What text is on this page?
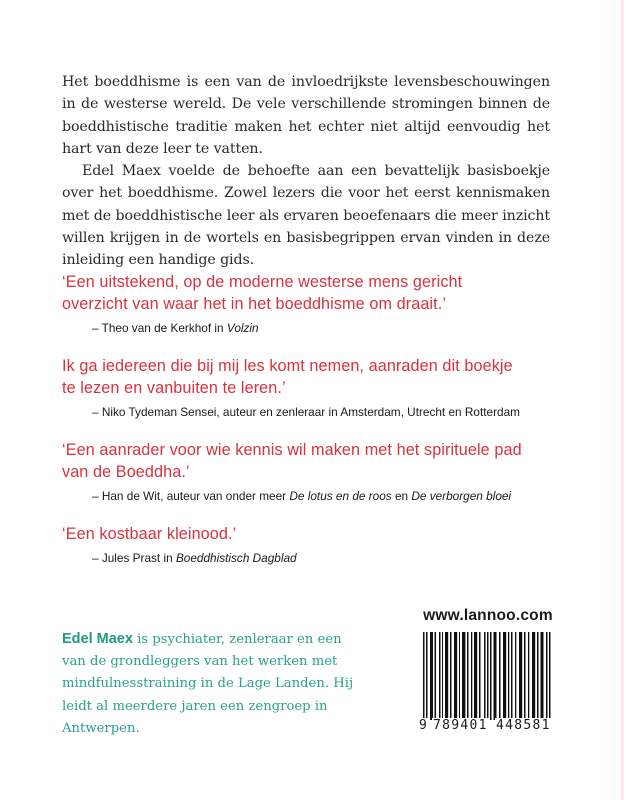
Het boeddhisme is een van de invloedrijkste levensbeschouwingen in de westerse wereld. De vele verschillende stromingen binnen de boeddhistische traditie maken het echter niet altijd eenvoudig het hart van deze leer te vatten.

Edel Maex voelde de behoefte aan een bevattelijk basisboekje over het boeddhisme. Zowel lezers die voor het eerst kennismaken met de boeddhistische leer als ervaren beoefenaars die meer inzicht willen krijgen in de wortels en basisbegrippen ervan vinden in deze inleiding een handige gids.

‘Een uitstekend, op de moderne westerse mens gericht overzicht van waar het in het boeddhisme om draait.’
– Theo van de Kerkhof in Volzin
Ik ga iedereen die bij mij les komt nemen, aanraden dit boekje te lezen en vanbuiten te leren.’
– Niko Tydeman Sensei, auteur en zenleraar in Amsterdam, Utrecht en Rotterdam
‘Een aanrader voor wie kennis wil maken met het spirituele pad van de Boeddha.’
– Han de Wit, auteur van onder meer De lotus en de roos en De verborgen bloei
‘Een kostbaar kleinood.’
– Jules Prast in Boeddhistisch Dagblad
Edel Maex is psychiater, zenleraar en een van de grondleggers van het werken met mindfulnesstraining in de Lage Landen. Hij leidt al meerdere jaren een zengroep in Antwerpen.
www.lannoo.com
9 789401 448581
